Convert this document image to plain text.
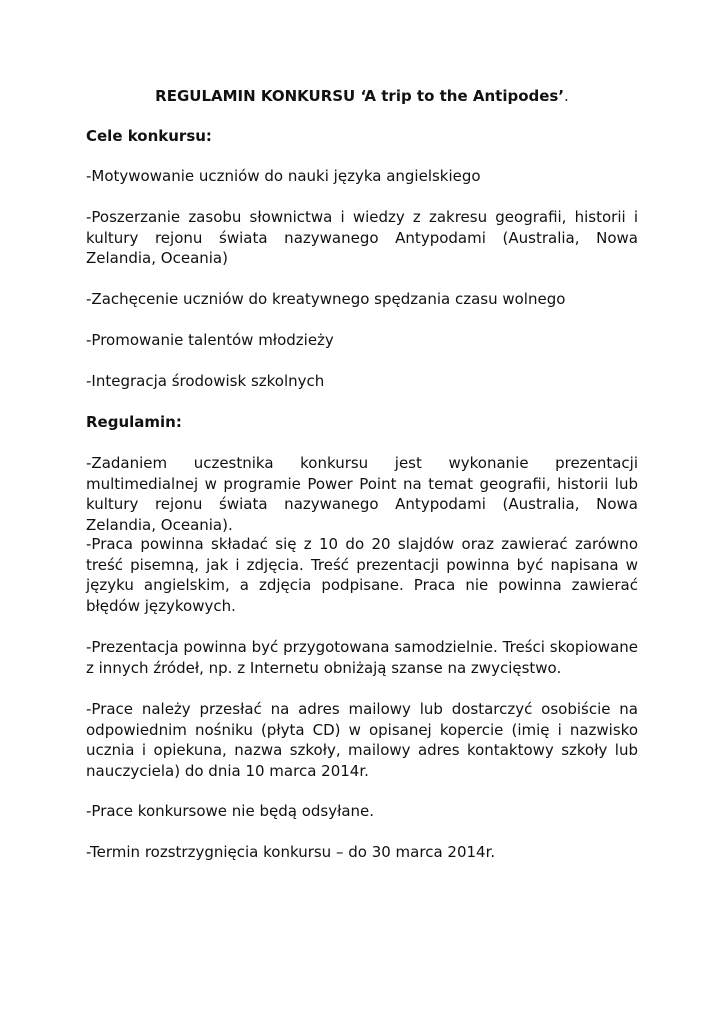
REGULAMIN KONKURSU ‘A trip to the Antipodes’.
Cele konkursu:
-Motywowanie uczniów do nauki języka angielskiego
-Poszerzanie zasobu słownictwa i wiedzy z zakresu geografii, historii i kultury rejonu świata nazywanego Antypodami (Australia, Nowa Zelandia, Oceania)
-Zachęcenie uczniów do kreatywnego spędzania czasu wolnego
-Promowanie talentów młodzieży
-Integracja środowisk szkolnych
Regulamin:
-Zadaniem uczestnika konkursu jest wykonanie prezentacji multimedialnej w programie Power Point na temat geografii, historii lub kultury rejonu świata nazywanego Antypodami (Australia, Nowa Zelandia, Oceania).
-Praca powinna składać się z 10 do 20 slajdów oraz zawierać zarówno treść pisemną, jak i zdjęcia. Treść prezentacji powinna być napisana w języku angielskim, a zdjęcia podpisane. Praca nie powinna zawierać błędów językowych.
-Prezentacja powinna być przygotowana samodzielnie. Treści skopiowane z innych źródeł, np. z Internetu obniżają szanse na zwycięstwo.
-Prace należy przesłać na adres mailowy lub dostarczyć osobiście na odpowiednim nośniku (płyta CD) w opisanej kopercie (imię i nazwisko ucznia i opiekuna, nazwa szkoły, mailowy adres kontaktowy szkoły lub nauczyciela) do dnia 10 marca 2014r.
-Prace konkursowe nie będą odsyłane.
-Termin rozstrzygnięcia konkursu – do 30 marca 2014r.
